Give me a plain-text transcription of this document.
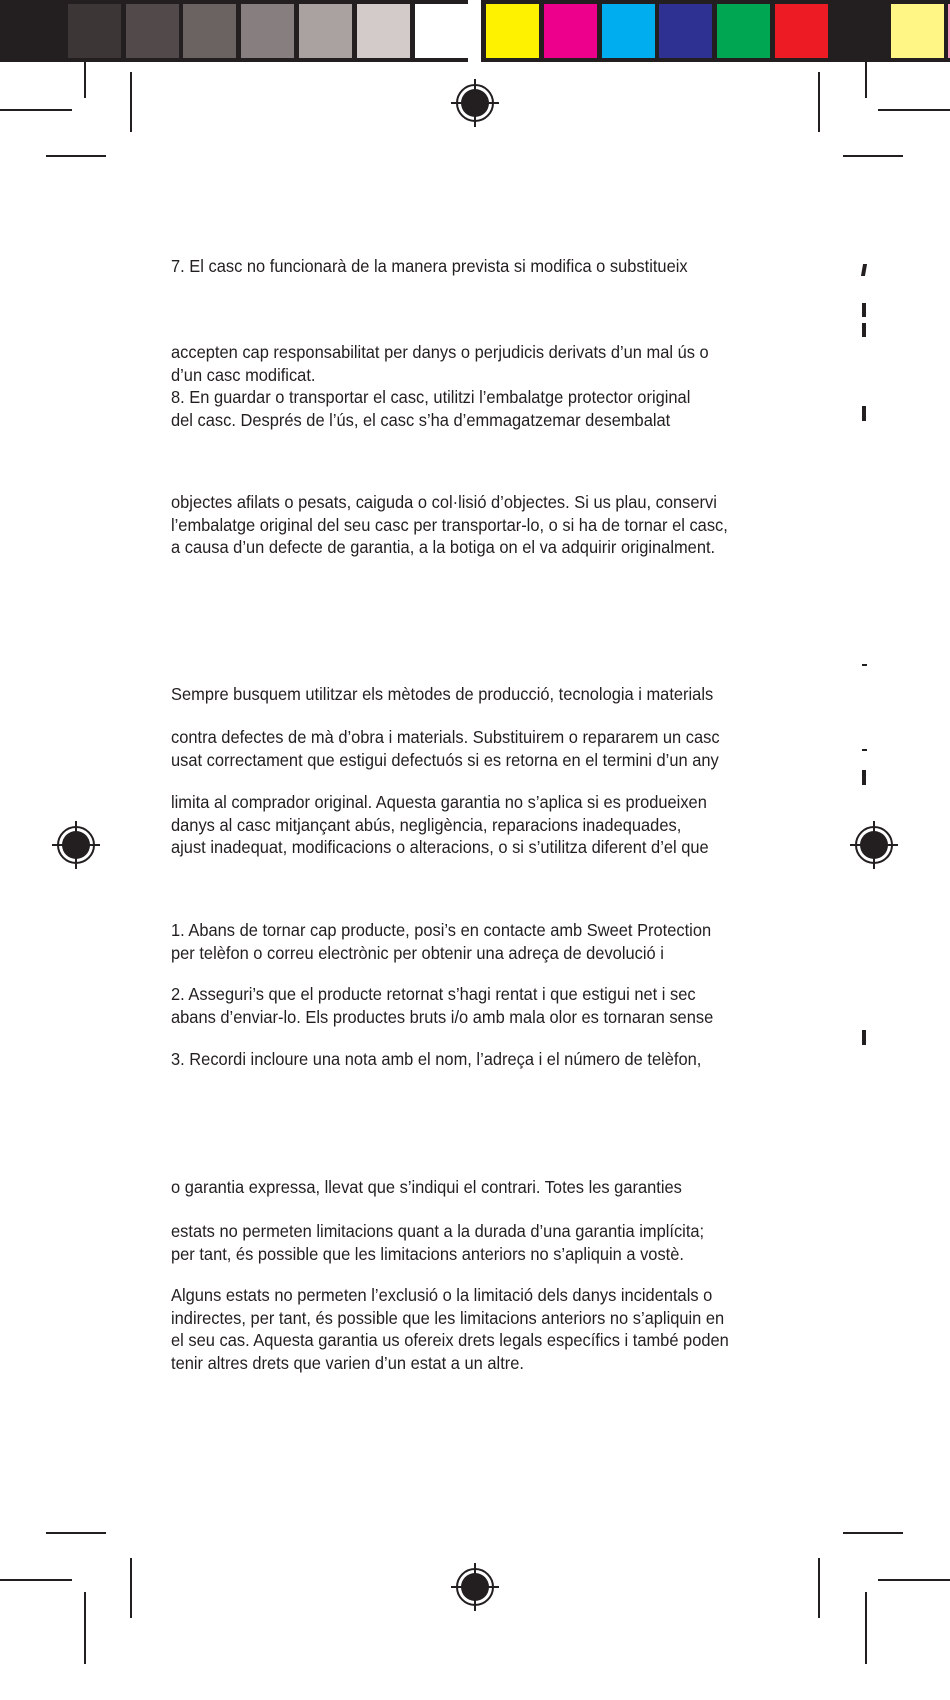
7. El casc no funcionarà de la manera prevista si modifica o substitueix
accepten cap responsabilitat per danys o perjudicis derivats d’un mal ús o
d’un casc modificat.
8. En guardar o transportar el casc, utilitzi l’embalatge protector original
del casc. Després de l’ús, el casc s’ha d’emmagatzemar desembalat
objectes afilats o pesats, caiguda o col·lisió d’objectes. Si us plau, conservi
l’embalatge original del seu casc per transportar-lo, o si ha de tornar el casc,
a causa d’un defecte de garantia, a la botiga on el va adquirir originalment.
Sempre busquem utilitzar els mètodes de producció, tecnologia i materials
contra defectes de mà d’obra i materials. Substituirem o repararem un casc
usat correctament que estigui defectuós si es retorna en el termini d’un any
limita al comprador original. Aquesta garantia no s’aplica si es produeixen
danys al casc mitjançant abús, negligència, reparacions inadequades,
ajust inadequat, modificacions o alteracions, o si s’utilitza diferent d’el que
1. Abans de tornar cap producte, posi’s en contacte amb Sweet Protection
per telèfon o correu electrònic per obtenir una adreça de devolució i
2. Asseguri’s que el producte retornat s’hagi rentat i que estigui net i sec
abans d’enviar-lo. Els productes bruts i/o amb mala olor es tornaran sense
3. Recordi incloure una nota amb el nom, l’adreça i el número de telèfon,
o garantia expressa, llevat que s’indiqui el contrari. Totes les garanties
estats no permeten limitacions quant a la durada d’una garantia implícita;
per tant, és possible que les limitacions anteriors no s’apliquin a vostè.
Alguns estats no permeten l’exclusió o la limitació dels danys incidentals o
indirectes, per tant, és possible que les limitacions anteriors no s’apliquin en
el seu cas. Aquesta garantia us ofereix drets legals específics i també poden
tenir altres drets que varien d’un estat a un altre.
